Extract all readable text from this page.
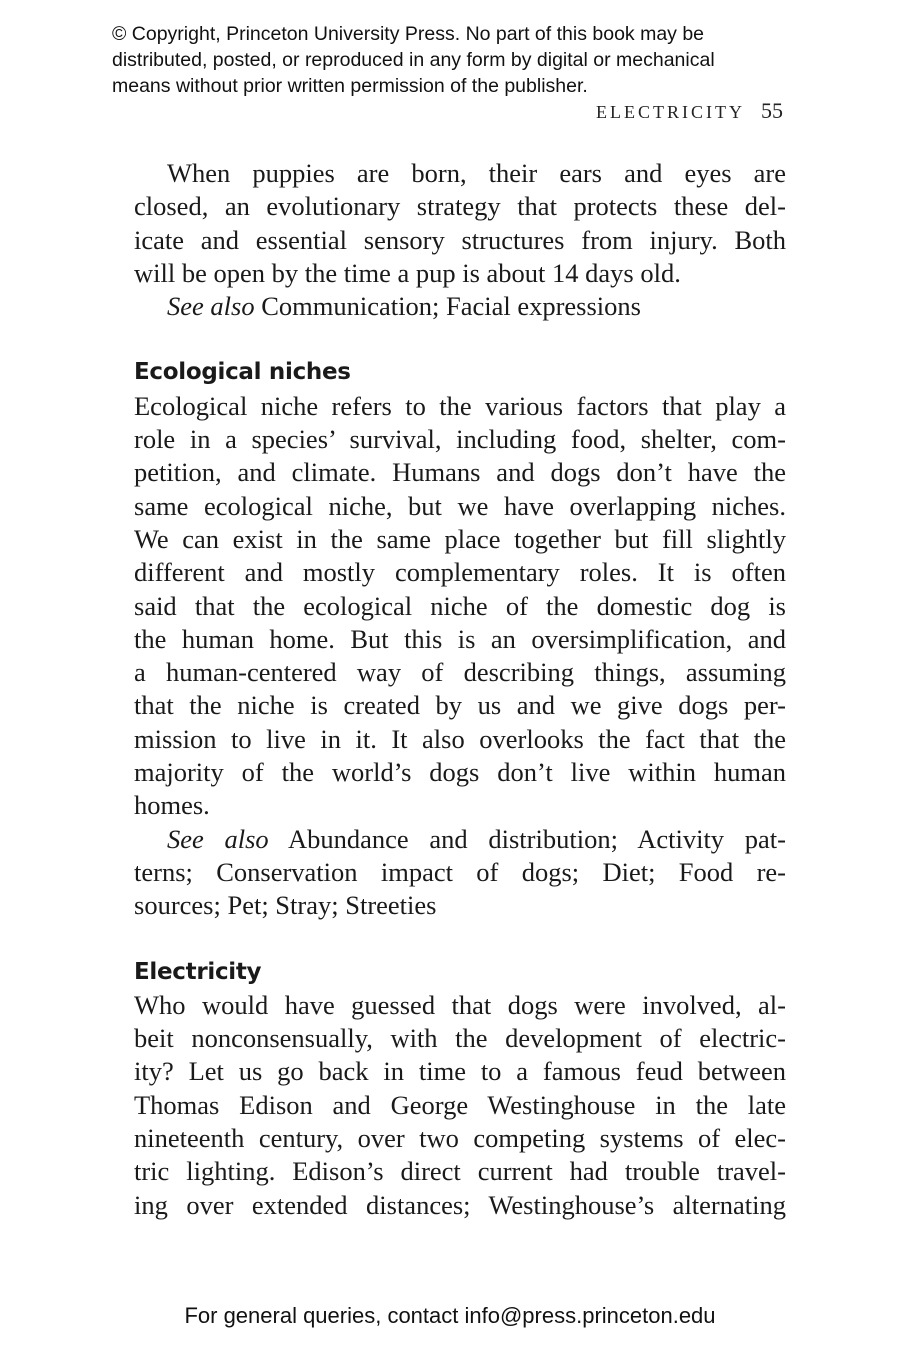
© Copyright, Princeton University Press. No part of this book may be
distributed, posted, or reproduced in any form by digital or mechanical
means without prior written permission of the publisher.
ELECTRICITY 55

When puppies are born, their ears and eyes are
closed, an evolutionary strategy that protects these del-
icate and essential sensory structures from injury. Both
will be open by the time a pup is about 14 days old.

See also Communication; Facial expressions

Ecological niches

Ecological niche refers to the various factors that play a
role in a species’ survival, including food, shelter, com-
petition, and climate. Humans and dogs don’t have the
same ecological niche, but we have overlapping niches.
We can exist in the same place together but fill slightly
different and mostly complementary roles. It is often
said that the ecological niche of the domestic dog is
the human home. But this is an oversimplification, and
a human-centered way of describing things, assuming
that the niche is created by us and we give dogs per-
mission to live in it. It also overlooks the fact that the
majority of the world’s dogs don’t live within human
homes.

See also Abundance and distribution; Activity pat-
terns; Conservation impact of dogs; Diet; Food re-
sources; Pet; Stray; Streeties

Electricity

Who would have guessed that dogs were involved, al-
beit nonconsensually, with the development of electric-
ity? Let us go back in time to a famous feud between
Thomas Edison and George Westinghouse in the late
nineteenth century, over two competing systems of elec-
tric lighting. Edison’s direct current had trouble travel-
ing over extended distances; Westinghouse’s alternating

For general queries, contact info@press.princeton.edu
